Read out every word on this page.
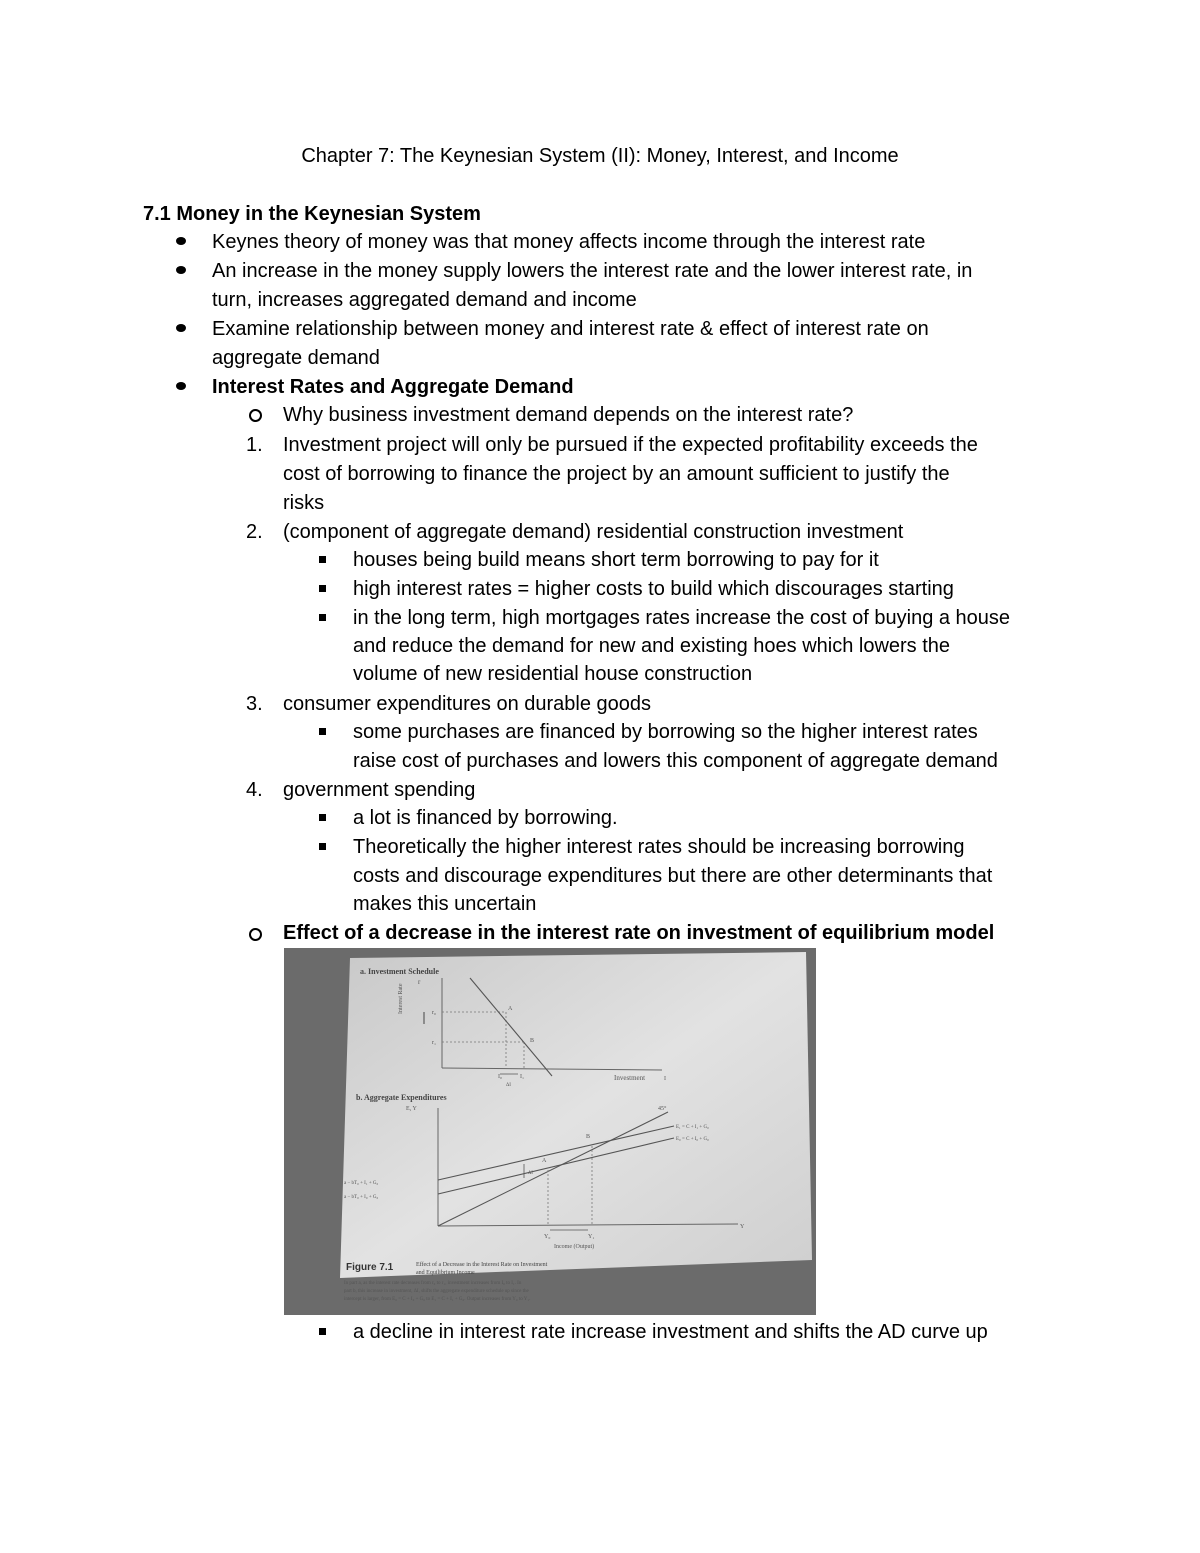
Chapter 7: The Keynesian System (II): Money, Interest, and Income
7.1 Money in the Keynesian System
Keynes theory of money was that money affects income through the interest rate
An increase in the money supply lowers the interest rate and the lower interest rate, in
turn, increases aggregated demand and income
Examine relationship between money and interest rate & effect of interest rate on
aggregate demand
Interest Rates and Aggregate Demand
Why business investment demand depends on the interest rate?
1. Investment project will only be pursued if the expected profitability exceeds the
cost of borrowing to finance the project by an amount sufficient to justify the
risks
2. (component of aggregate demand) residential construction investment
houses being build means short term borrowing to pay for it
high interest rates = higher costs to build which discourages starting
in the long term, high mortgages rates increase the cost of buying a house
and reduce the demand for new and existing hoes which lowers the
volume of new residential house construction
3. consumer expenditures on durable goods
some purchases are financed by borrowing so the higher interest rates
raise cost of purchases and lowers this component of aggregate demand
4. government spending
a lot is financed by borrowing.
Theoretically the higher interest rates should be increasing borrowing
costs and discourage expenditures but there are other determinants that
makes this uncertain
Effect of a decrease in the interest rate on investment of equilibrium model
a. Investment Schedule
r
Interest Rate	r₀
r₁
A
B
I₀	I₁
ΔI
Investment	I
b. Aggregate Expenditures
E, Y	45°
E₁ = C + I₁ + G₀
E₀ = C + I₀ + G₀
a − bT₀ + I₁ + G₀
a − bT₀ + I₀ + G₀
ΔI
A
B
Y₀	Y₁
Y
Income (Output)
Figure 7.1	Effect of a Decrease in the Interest Rate on Investment
and Equilibrium Income
In part a, as the interest rate decreases from r₀ to r₁, investment increases from I₀ to I₁. In
part b, this increase in investment, ΔI, shifts the aggregate expenditure schedule up since the
intercept is larger, from E₀ = C + I₀ + G₀ to E₁ = C + I₁ + G₀. Output increases from Y₀ to Y₁.
a decline in interest rate increase investment and shifts the AD curve up
